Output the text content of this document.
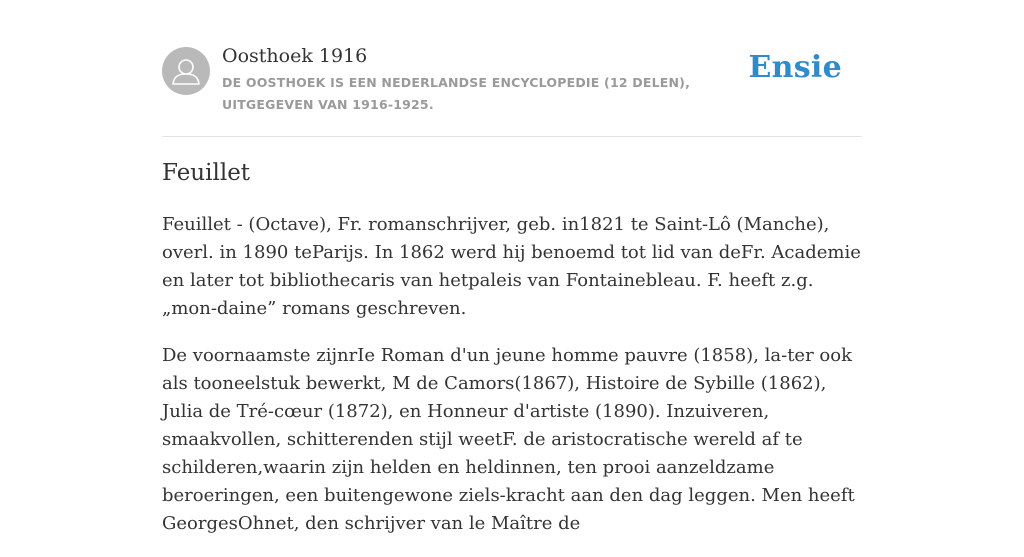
Oosthoek 1916
DE OOSTHOEK IS EEN NEDERLANDSE ENCYCLOPEDIE (12 DELEN), UITGEGEVEN VAN 1916-1925.
Ensie
Feuillet

Feuillet - (Octave), Fr. romanschrijver, geb. in1821 te Saint-Lô (Manche), overl. in 1890 teParijs. In 1862 werd hij benoemd tot lid van deFr. Academie en later tot bibliothecaris van hetpaleis van Fontainebleau. F. heeft z.g. „mon-daine” romans geschreven.

De voornaamste zijnrIe Roman d'un jeune homme pauvre (1858), la-ter ook als tooneelstuk bewerkt, M de Camors(1867), Histoire de Sybille (1862), Julia de Tré-cœur (1872), en Honneur d'artiste (1890). Inzuiveren, smaakvollen, schitterenden stijl weetF. de aristocratische wereld af te schilderen,waarin zijn helden en heldinnen, ten prooi aanzeldzame beroeringen, een buitengewone ziels-kracht aan den dag leggen. Men heeft GeorgesOhnet, den schrijver van le Maître de
